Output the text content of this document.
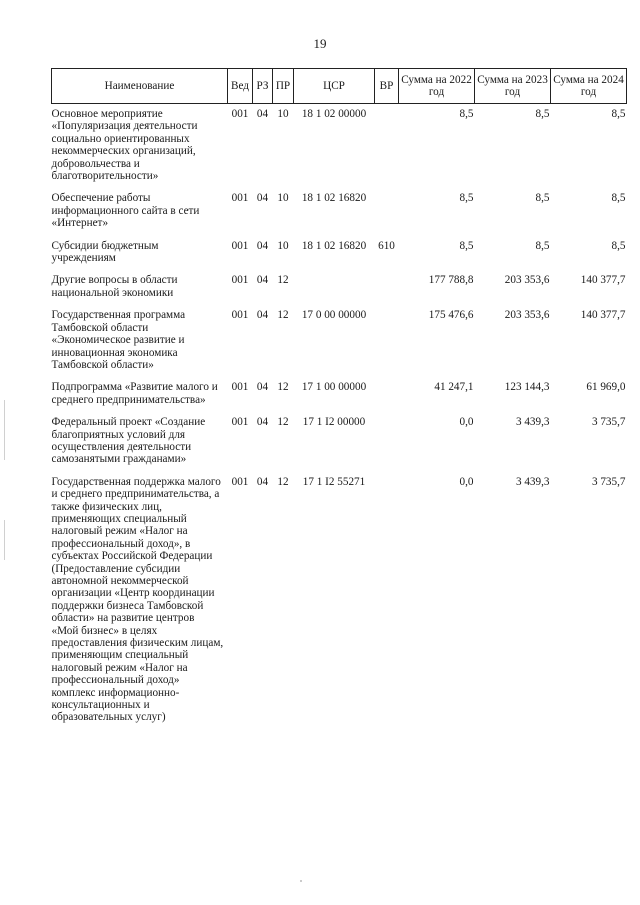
19
Наименование	Вед	РЗ	ПР	ЦСР	ВР	Сумма на 2022 год	Сумма на 2023 год	Сумма на 2024 год
Основное мероприятие «Популяризация деятельности социально ориентированных некоммерческих организаций, добровольчества и благотворительности»	001	04	10	18 1 02 00000		8,5	8,5	8,5

Обеспечение работы информационного сайта в сети «Интернет»	001	04	10	18 1 02 16820		8,5	8,5	8,5

Субсидии бюджетным учреждениям	001	04	10	18 1 02 16820	610	8,5	8,5	8,5

Другие вопросы в области национальной экономики	001	04	12			177 788,8	203 353,6	140 377,7

Государственная программа Тамбовской области «Экономическое развитие и инновационная экономика Тамбовской области»	001	04	12	17 0 00 00000		175 476,6	203 353,6	140 377,7

Подпрограмма «Развитие малого и среднего предпринимательства»	001	04	12	17 1 00 00000		41 247,1	123 144,3	61 969,0

Федеральный проект «Создание благоприятных условий для осуществления деятельности самозанятыми гражданами»	001	04	12	17 1 I2 00000		0,0	3 439,3	3 735,7

Государственная поддержка малого и среднего предпринимательства, а также физических лиц, применяющих специальный налоговый режим «Налог на профессиональный доход», в субъектах Российской Федерации (Предоставление субсидии автономной некоммерческой организации «Центр координации поддержки бизнеса Тамбовской области» на развитие центров «Мой бизнес» в целях предоставления физическим лицам, применяющим специальный налоговый режим «Налог на профессиональный доход» комплекс информационно-консультационных и образовательных услуг)	001	04	12	17 1 I2 55271		0,0	3 439,3	3 735,7
